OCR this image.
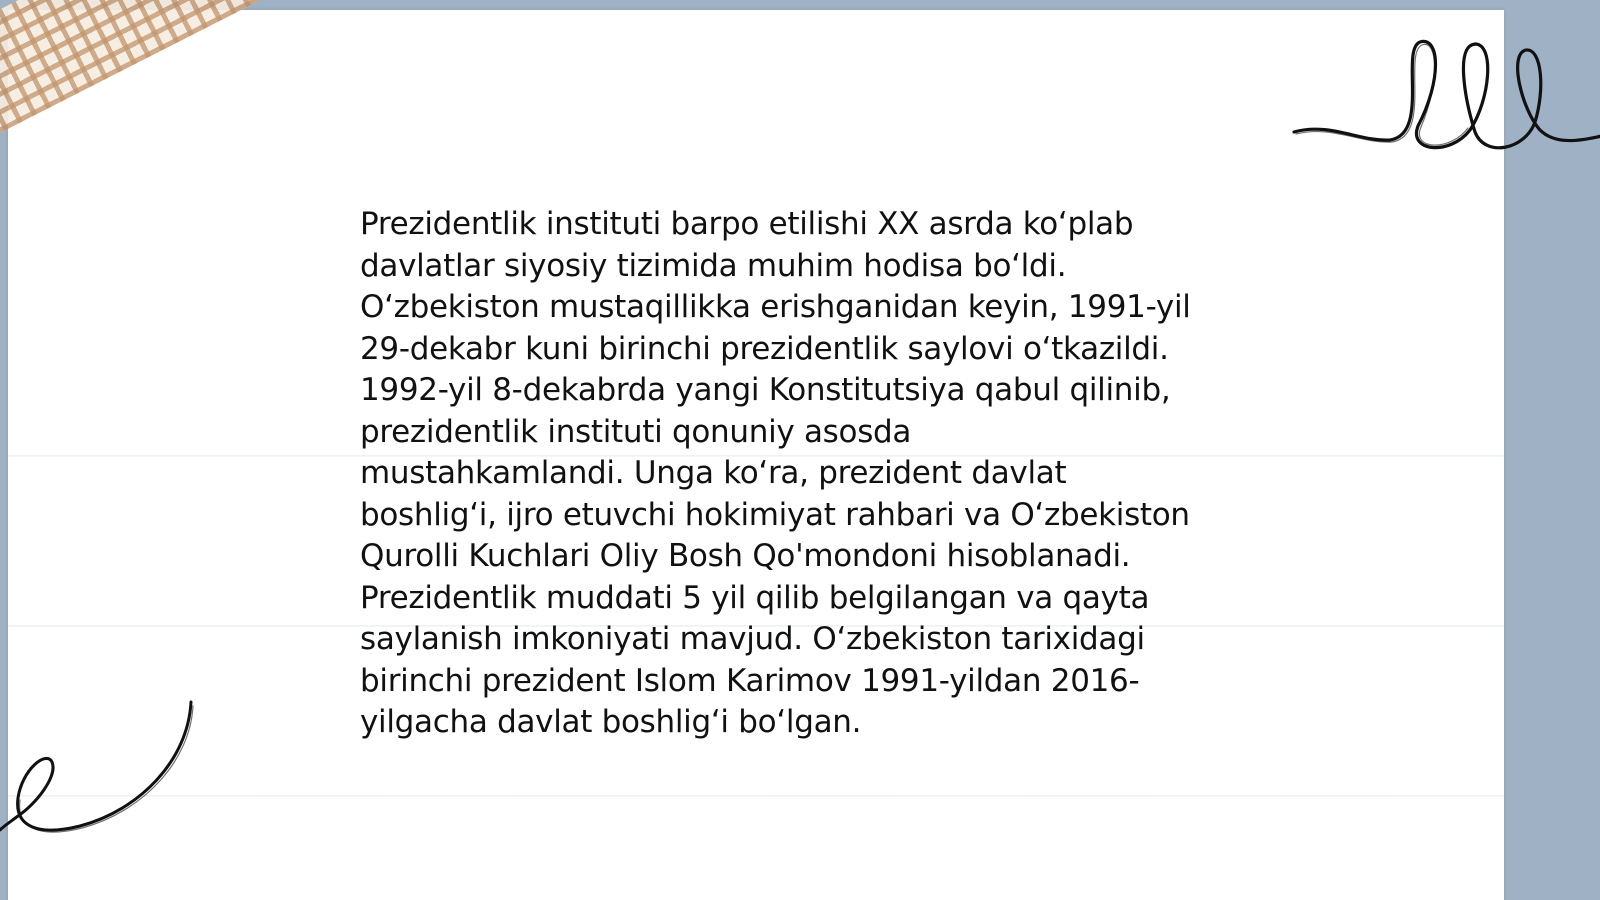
Prezidentlik instituti barpo etilishi XX asrda koʻplab
davlatlar siyosiy tizimida muhim hodisa boʻldi.
Oʻzbekiston mustaqillikka erishganidan keyin, 1991-yil
29-dekabr kuni birinchi prezidentlik saylovi oʻtkazildi.
1992-yil 8-dekabrda yangi Konstitutsiya qabul qilinib,
prezidentlik instituti qonuniy asosda
mustahkamlandi. Unga koʻra, prezident davlat
boshligʻi, ijro etuvchi hokimiyat rahbari va Oʻzbekiston
Qurolli Kuchlari Oliy Bosh Qo'mondoni hisoblanadi.
Prezidentlik muddati 5 yil qilib belgilangan va qayta
saylanish imkoniyati mavjud. Oʻzbekiston tarixidagi
birinchi prezident Islom Karimov 1991-yildan 2016-
yilgacha davlat boshligʻi boʻlgan.
